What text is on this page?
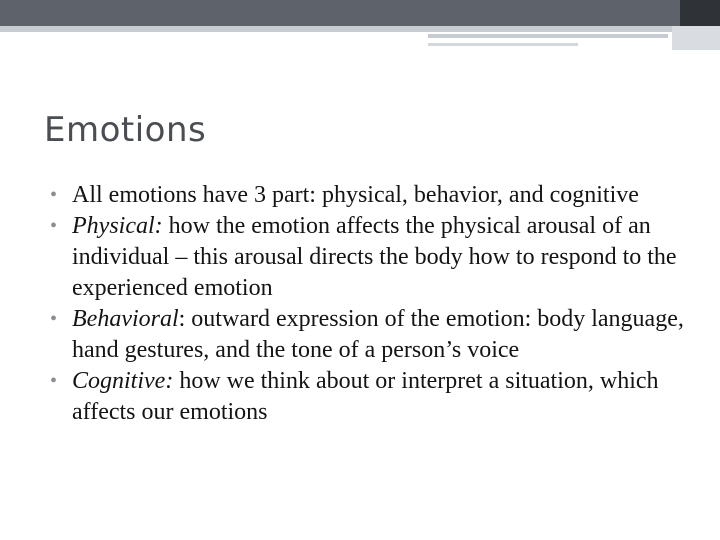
Emotions
• All emotions have 3 part: physical, behavior, and cognitive
• Physical: how the emotion affects the physical arousal of an individual – this arousal directs the body how to respond to the experienced emotion
• Behavioral: outward expression of the emotion: body language, hand gestures, and the tone of a person’s voice
• Cognitive: how we think about or interpret a situation, which affects our emotions
